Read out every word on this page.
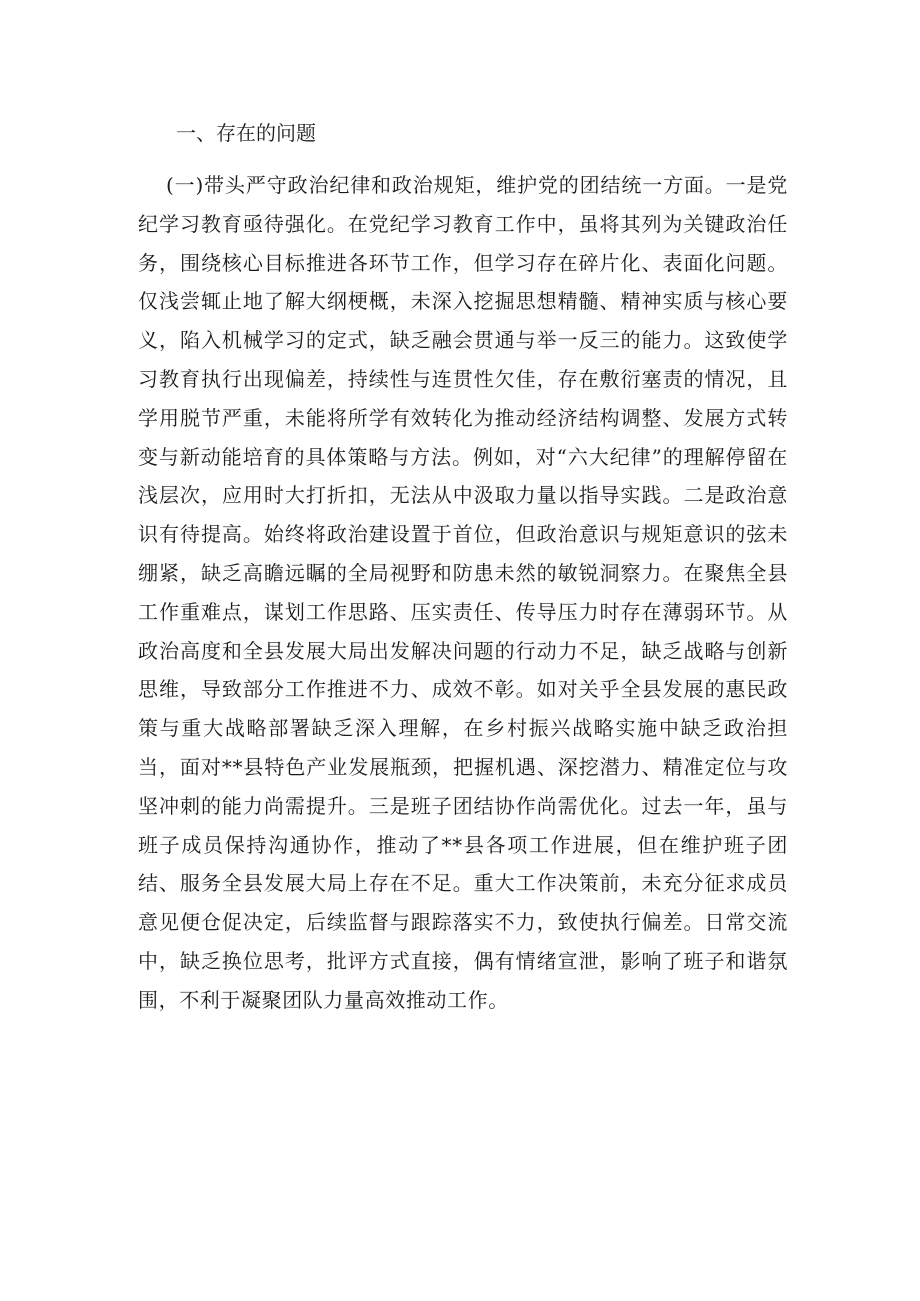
一、存在的问题

(一)带头严守政治纪律和政治规矩，维护党的团结统一方面。一是党纪学习教育亟待强化。在党纪学习教育工作中，虽将其列为关键政治任务，围绕核心目标推进各环节工作，但学习存在碎片化、表面化问题。仅浅尝辄止地了解大纲梗概，未深入挖掘思想精髓、精神实质与核心要义，陷入机械学习的定式，缺乏融会贯通与举一反三的能力。这致使学习教育执行出现偏差，持续性与连贯性欠佳，存在敷衍塞责的情况，且学用脱节严重，未能将所学有效转化为推动经济结构调整、发展方式转变与新动能培育的具体策略与方法。例如，对“六大纪律”的理解停留在浅层次，应用时大打折扣，无法从中汲取力量以指导实践。二是政治意识有待提高。始终将政治建设置于首位，但政治意识与规矩意识的弦未绷紧，缺乏高瞻远瞩的全局视野和防患未然的敏锐洞察力。在聚焦全县工作重难点，谋划工作思路、压实责任、传导压力时存在薄弱环节。从政治高度和全县发展大局出发解决问题的行动力不足，缺乏战略与创新思维，导致部分工作推进不力、成效不彰。如对关乎全县发展的惠民政策与重大战略部署缺乏深入理解，在乡村振兴战略实施中缺乏政治担当，面对**县特色产业发展瓶颈，把握机遇、深挖潜力、精准定位与攻坚冲刺的能力尚需提升。三是班子团结协作尚需优化。过去一年，虽与班子成员保持沟通协作，推动了**县各项工作进展，但在维护班子团结、服务全县发展大局上存在不足。重大工作决策前，未充分征求成员意见便仓促决定，后续监督与跟踪落实不力，致使执行偏差。日常交流中，缺乏换位思考，批评方式直接，偶有情绪宣泄，影响了班子和谐氛围，不利于凝聚团队力量高效推动工作。
